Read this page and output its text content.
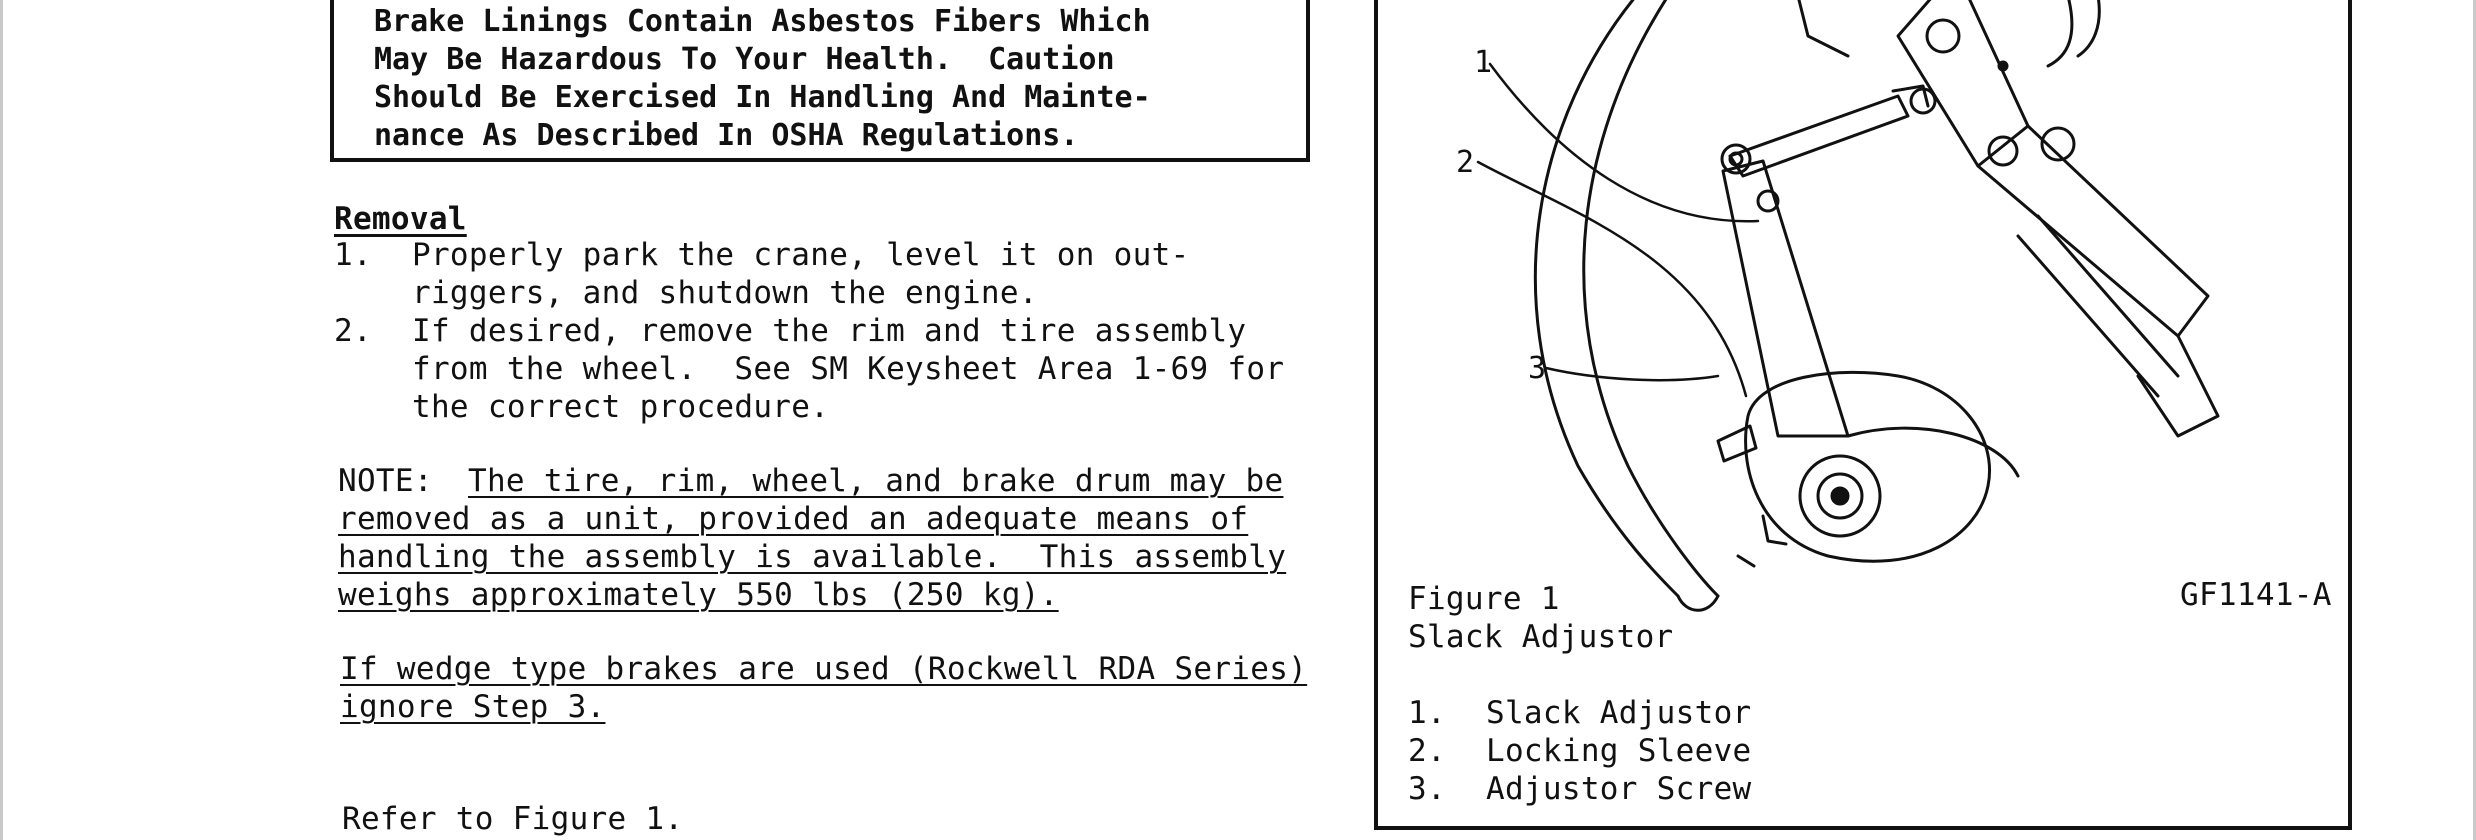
Brake Linings Contain Asbestos Fibers Which
May Be Hazardous To Your Health.  Caution
Should Be Exercised In Handling And Mainte-
nance As Described In OSHA Regulations.
Removal
1. Properly park the crane, level it on out-
riggers, and shutdown the engine.
2. If desired, remove the rim and tire assembly
from the wheel.  See SM Keysheet Area 1-69 for
the correct procedure.
NOTE: The tire, rim, wheel, and brake drum may be
removed as a unit, provided an adequate means of
handling the assembly is available.  This assembly
weighs approximately 550 lbs (250 kg).
If wedge type brakes are used (Rockwell RDA Series)
ignore Step 3.
Refer to Figure 1.
1
2
3
Figure 1
Slack Adjustor
GF1141-A
1. Slack Adjustor
2. Locking Sleeve
3. Adjustor Screw
